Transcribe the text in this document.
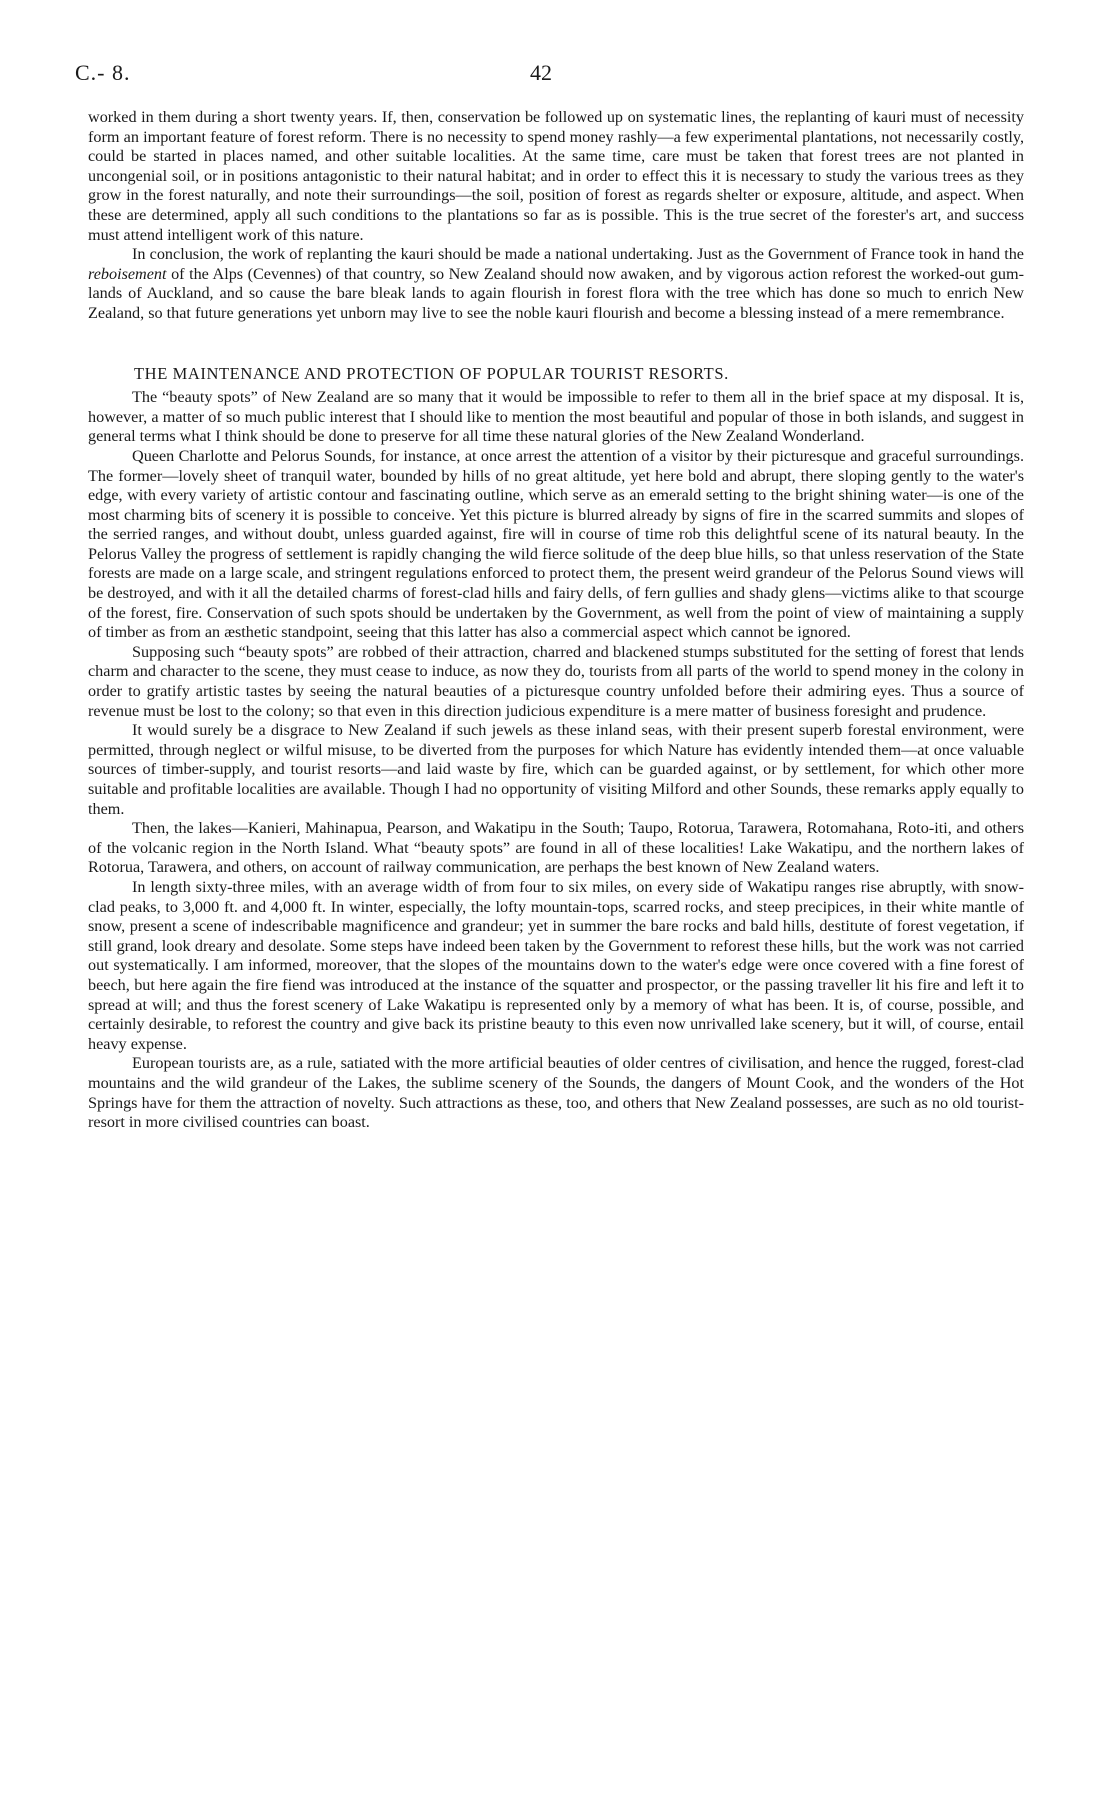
C.- 8.	42

worked in them during a short twenty years. If, then, conservation be followed up on systematic lines, the replanting of kauri must of necessity form an important feature of forest reform. There is no necessity to spend money rashly—a few experimental plantations, not necessarily costly, could be started in places named, and other suitable localities. At the same time, care must be taken that forest trees are not planted in uncongenial soil, or in positions antagonistic to their natural habitat; and in order to effect this it is necessary to study the various trees as they grow in the forest naturally, and note their surroundings—the soil, position of forest as regards shelter or exposure, altitude, and aspect. When these are determined, apply all such conditions to the plantations so far as is possible. This is the true secret of the forester's art, and success must attend intelligent work of this nature.

In conclusion, the work of replanting the kauri should be made a national undertaking. Just as the Government of France took in hand the reboisement of the Alps (Cevennes) of that country, so New Zealand should now awaken, and by vigorous action reforest the worked-out gum-lands of Auckland, and so cause the bare bleak lands to again flourish in forest flora with the tree which has done so much to enrich New Zealand, so that future generations yet unborn may live to see the noble kauri flourish and become a blessing instead of a mere remembrance.

THE MAINTENANCE AND PROTECTION OF POPULAR TOURIST RESORTS.

The “beauty spots” of New Zealand are so many that it would be impossible to refer to them all in the brief space at my disposal. It is, however, a matter of so much public interest that I should like to mention the most beautiful and popular of those in both islands, and suggest in general terms what I think should be done to preserve for all time these natural glories of the New Zealand Wonderland.

Queen Charlotte and Pelorus Sounds, for instance, at once arrest the attention of a visitor by their picturesque and graceful surroundings. The former—lovely sheet of tranquil water, bounded by hills of no great altitude, yet here bold and abrupt, there sloping gently to the water's edge, with every variety of artistic contour and fascinating outline, which serve as an emerald setting to the bright shining water—is one of the most charming bits of scenery it is possible to conceive. Yet this picture is blurred already by signs of fire in the scarred summits and slopes of the serried ranges, and without doubt, unless guarded against, fire will in course of time rob this delightful scene of its natural beauty. In the Pelorus Valley the progress of settlement is rapidly changing the wild fierce solitude of the deep blue hills, so that unless reservation of the State forests are made on a large scale, and stringent regulations enforced to protect them, the present weird grandeur of the Pelorus Sound views will be destroyed, and with it all the detailed charms of forest-clad hills and fairy dells, of fern gullies and shady glens—victims alike to that scourge of the forest, fire. Conservation of such spots should be undertaken by the Government, as well from the point of view of maintaining a supply of timber as from an æsthetic standpoint, seeing that this latter has also a commercial aspect which cannot be ignored.

Supposing such “beauty spots” are robbed of their attraction, charred and blackened stumps substituted for the setting of forest that lends charm and character to the scene, they must cease to induce, as now they do, tourists from all parts of the world to spend money in the colony in order to gratify artistic tastes by seeing the natural beauties of a picturesque country unfolded before their admiring eyes. Thus a source of revenue must be lost to the colony; so that even in this direction judicious expenditure is a mere matter of business foresight and prudence.

It would surely be a disgrace to New Zealand if such jewels as these inland seas, with their present superb forestal environment, were permitted, through neglect or wilful misuse, to be diverted from the purposes for which Nature has evidently intended them—at once valuable sources of timber-supply, and tourist resorts—and laid waste by fire, which can be guarded against, or by settlement, for which other more suitable and profitable localities are available. Though I had no opportunity of visiting Milford and other Sounds, these remarks apply equally to them.

Then, the lakes—Kanieri, Mahinapua, Pearson, and Wakatipu in the South; Taupo, Rotorua, Tarawera, Rotomahana, Roto-iti, and others of the volcanic region in the North Island. What “beauty spots” are found in all of these localities! Lake Wakatipu, and the northern lakes of Rotorua, Tarawera, and others, on account of railway communication, are perhaps the best known of New Zealand waters.

In length sixty-three miles, with an average width of from four to six miles, on every side of Wakatipu ranges rise abruptly, with snow-clad peaks, to 3,000 ft. and 4,000 ft. In winter, especially, the lofty mountain-tops, scarred rocks, and steep precipices, in their white mantle of snow, present a scene of indescribable magnificence and grandeur; yet in summer the bare rocks and bald hills, destitute of forest vegetation, if still grand, look dreary and desolate. Some steps have indeed been taken by the Government to reforest these hills, but the work was not carried out systematically. I am informed, moreover, that the slopes of the mountains down to the water's edge were once covered with a fine forest of beech, but here again the fire fiend was introduced at the instance of the squatter and prospector, or the passing traveller lit his fire and left it to spread at will; and thus the forest scenery of Lake Wakatipu is represented only by a memory of what has been. It is, of course, possible, and certainly desirable, to reforest the country and give back its pristine beauty to this even now unrivalled lake scenery, but it will, of course, entail heavy expense.

European tourists are, as a rule, satiated with the more artificial beauties of older centres of civilisation, and hence the rugged, forest-clad mountains and the wild grandeur of the Lakes, the sublime scenery of the Sounds, the dangers of Mount Cook, and the wonders of the Hot Springs have for them the attraction of novelty. Such attractions as these, too, and others that New Zealand possesses, are such as no old tourist-resort in more civilised countries can boast.
